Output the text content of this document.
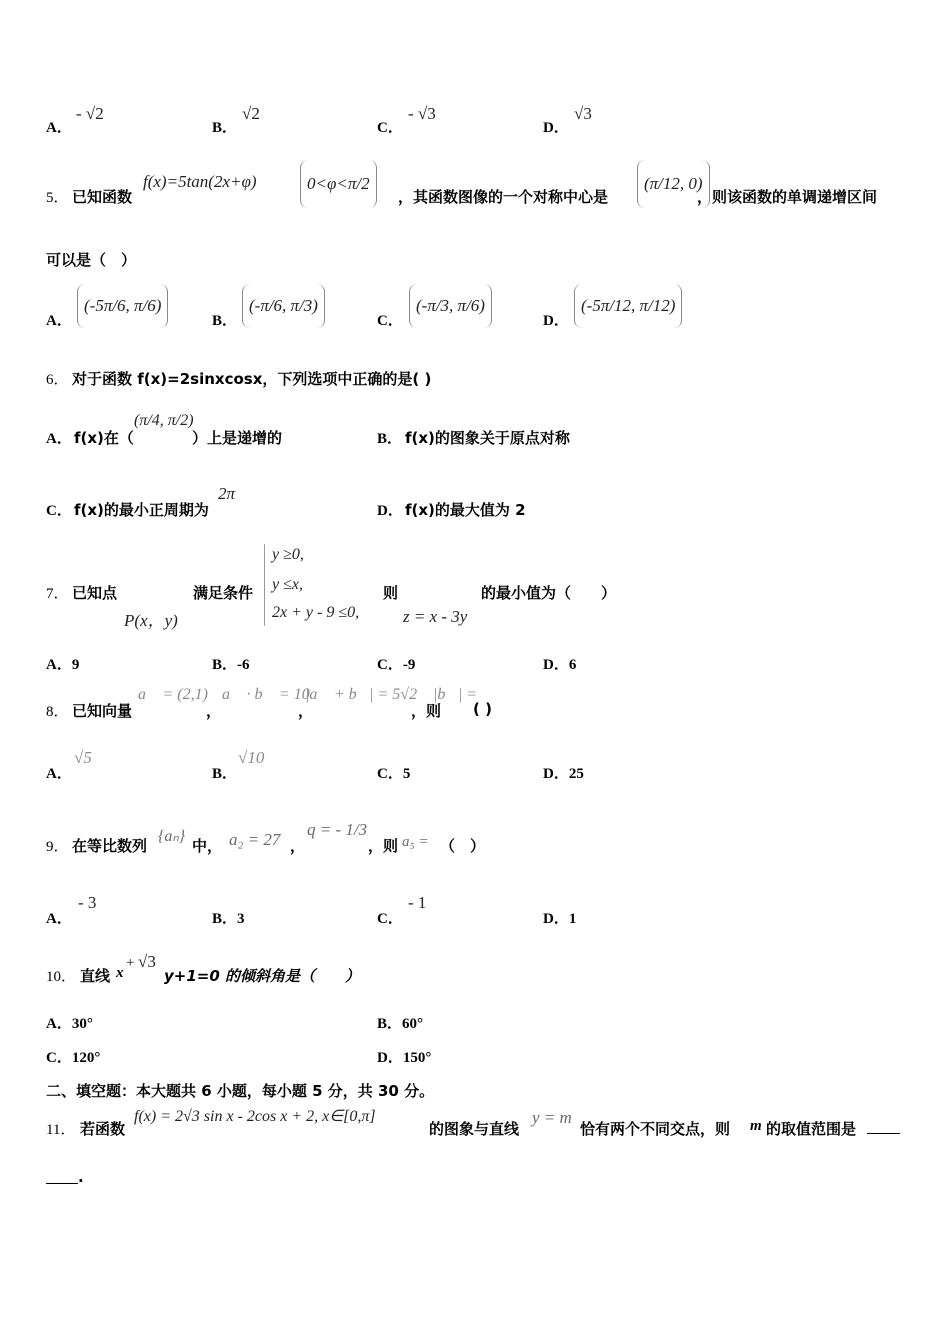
A．
- √2
B．
√2
C．
- √3
D．
√3
5． 已知函数
f(x)=5tan(2x+φ)	0<φ<π/2
，其函数图像的一个对称中心是
(π/12, 0)
，则该函数的单调递增区间
可以是（　）
A．
(-5π/6, π/6)
B．
(-π/6, π/3)
C．
(-π/3, π/6)
D．
(-5π/12, π/12)
6． 对于函数 f(x)=2sinxcosx，下列选项中正确的是( )
A． f(x)在（
(π/4, π/2)
）上是递增的	B． f(x)的图象关于原点对称
C． f(x)的最小正周期为
2π
D． f(x)的最大值为 2
7． 已知点
P(x，y)
满足条件
y ≥0,
y ≤x,
2x + y - 9 ≤0,
则
z = x - 3y
的最小值为（　　）
A．9	B．-6	C．-9	D．6
8． 已知向量
a⃗ = (2,1)
，
a⃗ · b⃗ = 10
，
|a⃗ + b⃗| = 5√2
，则
|b⃗| =
( )
A．
√5
B．
√10
C．5	D．25
9． 在等比数列
{aₙ}
中， a₂ = 27 ，
q = - 1/3
，则 a₅ = （　）
A．
- 3
B．3	C．
- 1
D．1
10． 直线 x
+ √3
y+1=0 的倾斜角是（　　）
A．30°	B．60°
C．120°	D．150°
二、填空题：本大题共 6 小题，每小题 5 分，共 30 分。
11． 若函数
f(x) = 2√3 sin x - 2cos x + 2, x∈[0,π]
的图象与直线
y = m
恰有两个不同交点，则 m 的取值范围是
.
